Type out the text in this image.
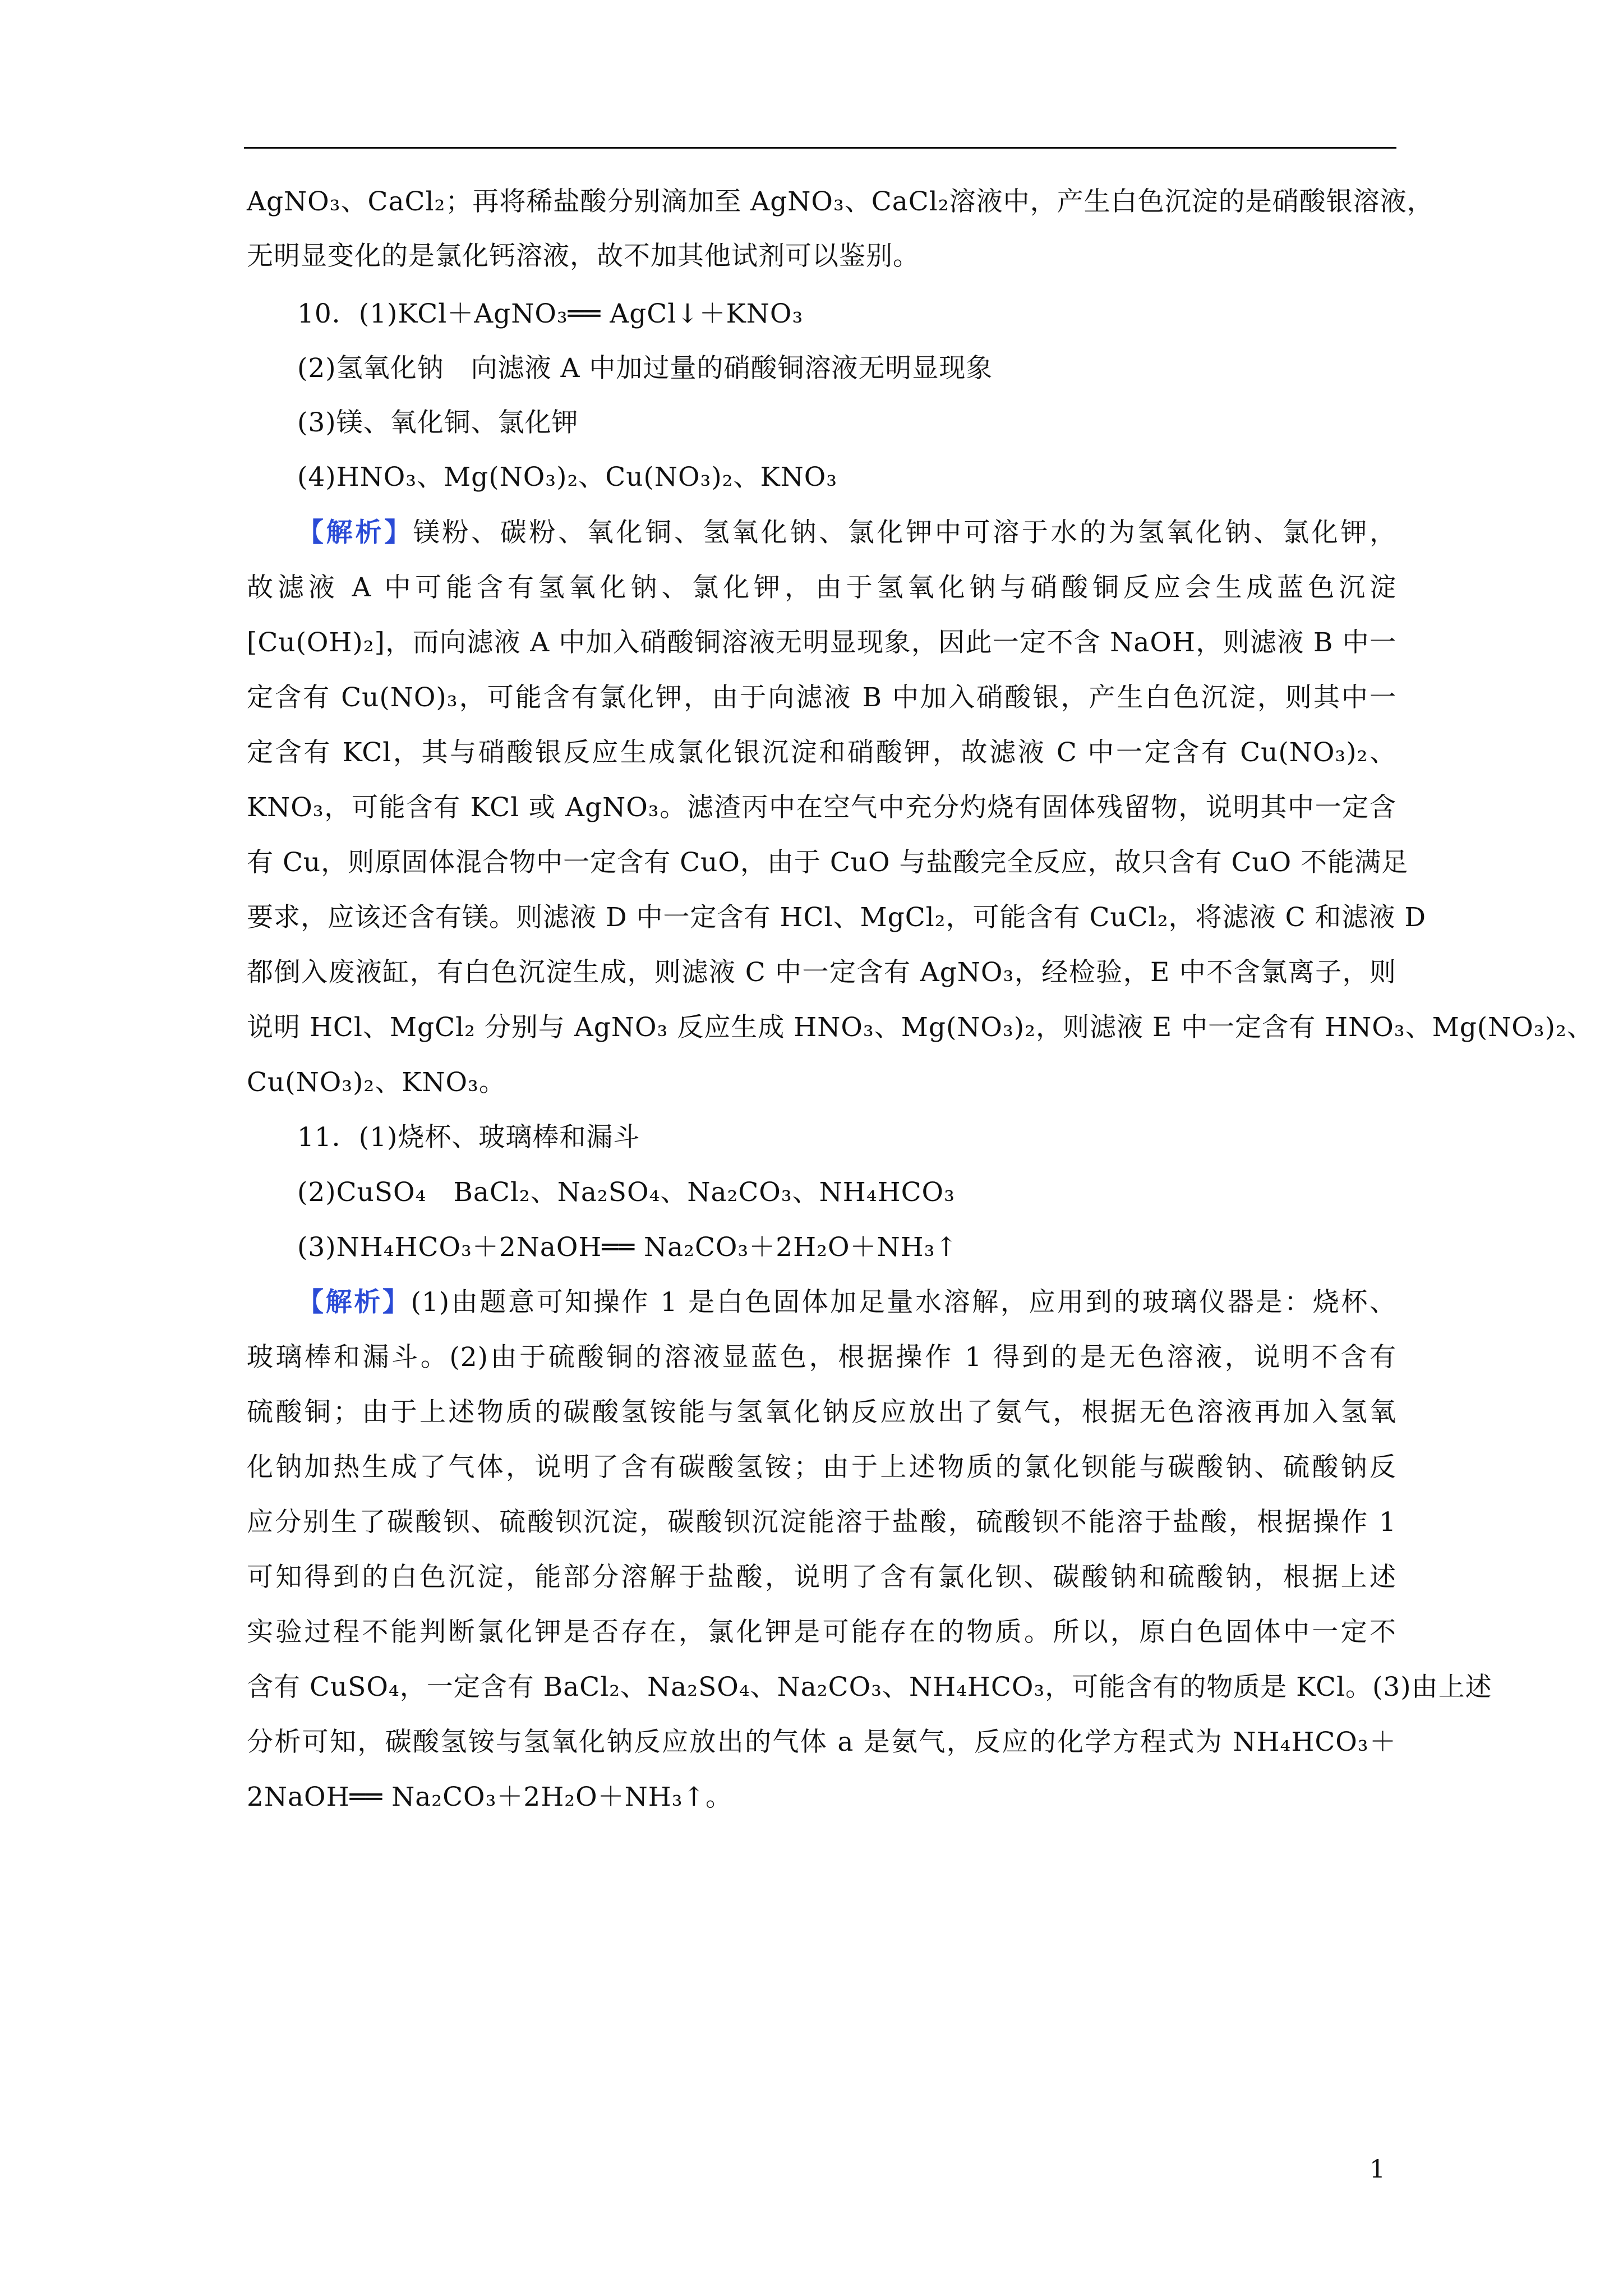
AgNO₃、CaCl₂；再将稀盐酸分别滴加至 AgNO₃、CaCl₂溶液中，产生白色沉淀的是硝酸银溶液，
无明显变化的是氯化钙溶液，故不加其他试剂可以鉴别。
10．(1)KCl＋AgNO₃══ AgCl↓＋KNO₃
(2)氢氧化钠　向滤液 A 中加过量的硝酸铜溶液无明显现象
(3)镁、氧化铜、氯化钾
(4)HNO₃、Mg(NO₃)₂、Cu(NO₃)₂、KNO₃
【解析】镁粉、碳粉、氧化铜、氢氧化钠、氯化钾中可溶于水的为氢氧化钠、氯化钾，
故滤液 A 中可能含有氢氧化钠、氯化钾，由于氢氧化钠与硝酸铜反应会生成蓝色沉淀
[Cu(OH)₂]，而向滤液 A 中加入硝酸铜溶液无明显现象，因此一定不含 NaOH，则滤液 B 中一
定含有 Cu(NO)₃，可能含有氯化钾，由于向滤液 B 中加入硝酸银，产生白色沉淀，则其中一
定含有 KCl，其与硝酸银反应生成氯化银沉淀和硝酸钾，故滤液 C 中一定含有 Cu(NO₃)₂、
KNO₃，可能含有 KCl 或 AgNO₃。滤渣丙中在空气中充分灼烧有固体残留物，说明其中一定含
有 Cu，则原固体混合物中一定含有 CuO，由于 CuO 与盐酸完全反应，故只含有 CuO 不能满足
要求，应该还含有镁。则滤液 D 中一定含有 HCl、MgCl₂，可能含有 CuCl₂，将滤液 C 和滤液 D
都倒入废液缸，有白色沉淀生成，则滤液 C 中一定含有 AgNO₃，经检验，E 中不含氯离子，则
说明 HCl、MgCl₂ 分别与 AgNO₃ 反应生成 HNO₃、Mg(NO₃)₂，则滤液 E 中一定含有 HNO₃、Mg(NO₃)₂、
Cu(NO₃)₂、KNO₃。
11．(1)烧杯、玻璃棒和漏斗
(2)CuSO₄　BaCl₂、Na₂SO₄、Na₂CO₃、NH₄HCO₃
(3)NH₄HCO₃＋2NaOH══ Na₂CO₃＋2H₂O＋NH₃↑
【解析】(1)由题意可知操作 1 是白色固体加足量水溶解，应用到的玻璃仪器是：烧杯、
玻璃棒和漏斗。(2)由于硫酸铜的溶液显蓝色，根据操作 1 得到的是无色溶液，说明不含有
硫酸铜；由于上述物质的碳酸氢铵能与氢氧化钠反应放出了氨气，根据无色溶液再加入氢氧
化钠加热生成了气体，说明了含有碳酸氢铵；由于上述物质的氯化钡能与碳酸钠、硫酸钠反
应分别生了碳酸钡、硫酸钡沉淀，碳酸钡沉淀能溶于盐酸，硫酸钡不能溶于盐酸，根据操作 1
可知得到的白色沉淀，能部分溶解于盐酸，说明了含有氯化钡、碳酸钠和硫酸钠，根据上述
实验过程不能判断氯化钾是否存在，氯化钾是可能存在的物质。所以，原白色固体中一定不
含有 CuSO₄，一定含有 BaCl₂、Na₂SO₄、Na₂CO₃、NH₄HCO₃，可能含有的物质是 KCl。(3)由上述
分析可知，碳酸氢铵与氢氧化钠反应放出的气体 a 是氨气，反应的化学方程式为 NH₄HCO₃＋
2NaOH══ Na₂CO₃＋2H₂O＋NH₃↑。
1
